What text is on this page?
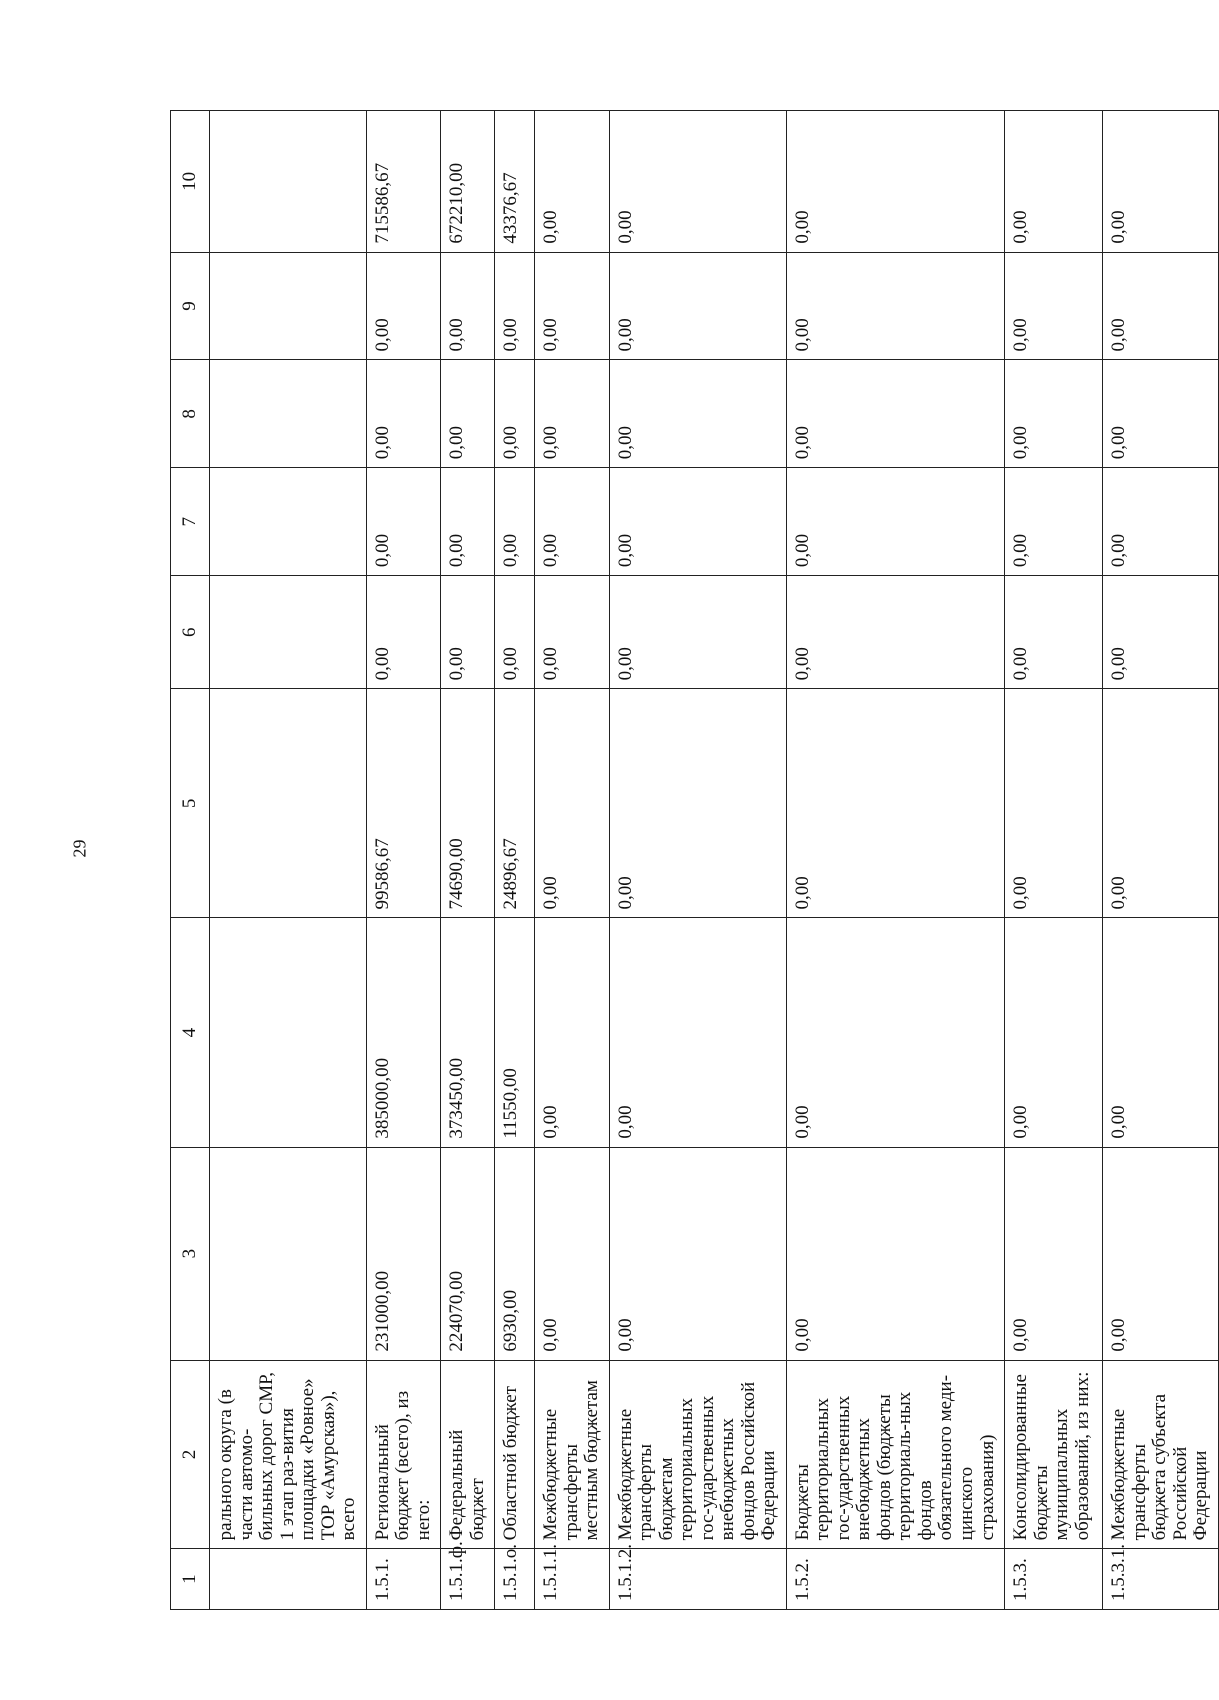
29
1	2	3	4	5	6	7	8	9	10
	рального округа (в части автомо-бильных дорог СМР, 1 этап раз-вития площадки «Ровное» ТОР «Амурская»), всего								
1.5.1.	Региональный бюджет (всего), из него:	231000,00	385000,00	99586,67	0,00	0,00	0,00	0,00	715586,67
1.5.1.ф.	Федеральный бюджет	224070,00	373450,00	74690,00	0,00	0,00	0,00	0,00	672210,00
1.5.1.о.	Областной бюджет	6930,00	11550,00	24896,67	0,00	0,00	0,00	0,00	43376,67
1.5.1.1.	Межбюджетные трансферты местным бюджетам	0,00	0,00	0,00	0,00	0,00	0,00	0,00	0,00
1.5.1.2.	Межбюджетные трансферты бюджетам территориальных гос-ударственных внебюджетных фондов Российской Федерации	0,00	0,00	0,00	0,00	0,00	0,00	0,00	0,00
1.5.2.	Бюджеты территориальных гос-ударственных внебюджетных фондов (бюджеты территориаль-ных фондов обязательного меди-цинского страхования)	0,00	0,00	0,00	0,00	0,00	0,00	0,00	0,00
1.5.3.	Консолидированные бюджеты муниципальных образований, из них:	0,00	0,00	0,00	0,00	0,00	0,00	0,00	0,00
1.5.3.1.	Межбюджетные трансферты бюджета субъекта Российской Федерации	0,00	0,00	0,00	0,00	0,00	0,00	0,00	0,00
